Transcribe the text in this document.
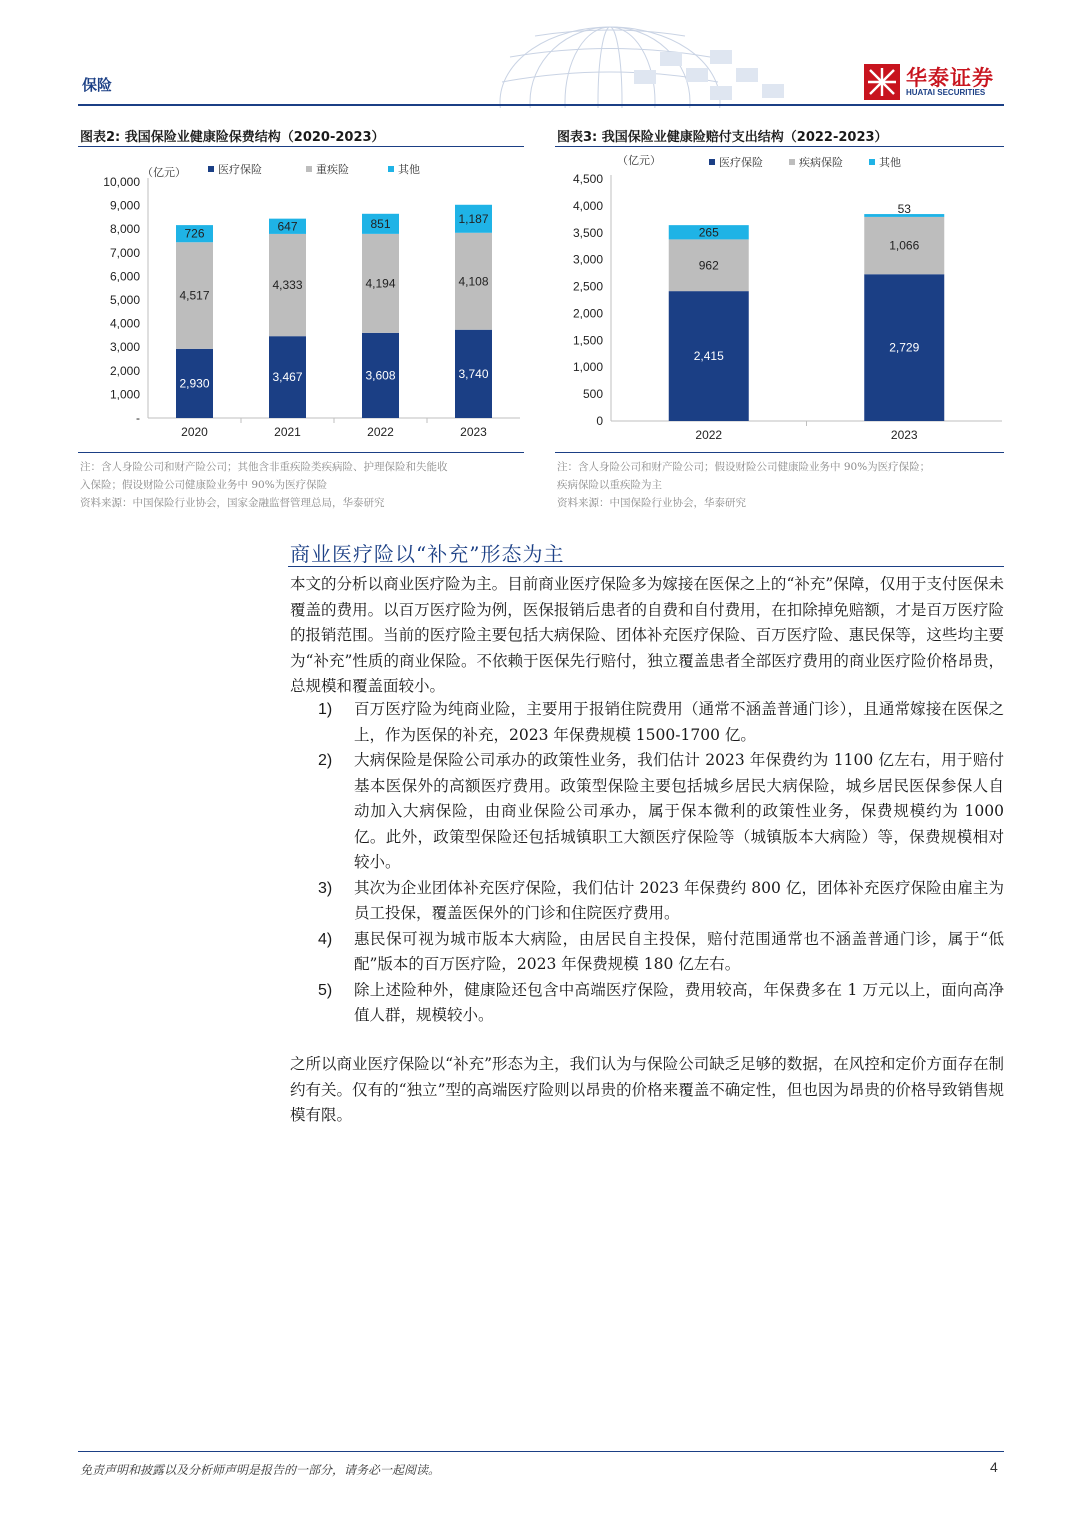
保险	华泰证券
HUATAI SECURITIES
图表2: 我国保险业健康险保费结构（2020-2023）
（亿元）	医疗保险	重疾险	其他
-
1,000
2,000
3,000
4,000
5,000
6,000
7,000
8,000
9,000
10,000
2,930
4,517
726
2020
3,467
4,333
647
2021
3,608
4,194
851
2022
3,740
4,108
1,187
2023
注：含人身险公司和财产险公司；其他含非重疾险类疾病险、护理保险和失能收
入保险；假设财险公司健康险业务中 90%为医疗保险
资料来源：中国保险行业协会，国家金融监督管理总局，华泰研究
图表3: 我国保险业健康险赔付支出结构（2022-2023）
（亿元）	医疗保险	疾病保险	其他
0
500
1,000
1,500
2,000
2,500
3,000
3,500
4,000
4,500
2,415
962
265
2022
2,729
1,066
53
2023
注：含人身险公司和财产险公司；假设财险公司健康险业务中 90%为医疗保险；
疾病保险以重疾险为主
资料来源：中国保险行业协会，华泰研究
商业医疗险以“补充”形态为主
本文的分析以商业医疗险为主。目前商业医疗保险多为嫁接在医保之上的“补充”保障，仅用于支付医保未覆盖的费用。以百万医疗险为例，医保报销后患者的自费和自付费用，在扣除掉免赔额，才是百万医疗险的报销范围。当前的医疗险主要包括大病保险、团体补充医疗保险、百万医疗险、惠民保等，这些均主要为“补充”性质的商业保险。不依赖于医保先行赔付，独立覆盖患者全部医疗费用的商业医疗险价格昂贵，总规模和覆盖面较小。
1)	百万医疗险为纯商业险，主要用于报销住院费用（通常不涵盖普通门诊），且通常嫁接在医保之上，作为医保的补充，2023 年保费规模 1500-1700 亿。
2)	大病保险是保险公司承办的政策性业务，我们估计 2023 年保费约为 1100 亿左右，用于赔付基本医保外的高额医疗费用。政策型保险主要包括城乡居民大病保险，城乡居民医保参保人自动加入大病保险，由商业保险公司承办，属于保本微利的政策性业务，保费规模约为 1000 亿。此外，政策型保险还包括城镇职工大额医疗保险等（城镇版本大病险）等，保费规模相对较小。
3)	其次为企业团体补充医疗保险，我们估计 2023 年保费约 800 亿，团体补充医疗保险由雇主为员工投保，覆盖医保外的门诊和住院医疗费用。
4)	惠民保可视为城市版本大病险，由居民自主投保，赔付范围通常也不涵盖普通门诊，属于“低配”版本的百万医疗险，2023 年保费规模 180 亿左右。
5)	除上述险种外，健康险还包含中高端医疗保险，费用较高，年保费多在 1 万元以上，面向高净值人群，规模较小。
之所以商业医疗保险以“补充”形态为主，我们认为与保险公司缺乏足够的数据，在风控和定价方面存在制约有关。仅有的“独立”型的高端医疗险则以昂贵的价格来覆盖不确定性，但也因为昂贵的价格导致销售规模有限。
免责声明和披露以及分析师声明是报告的一部分，请务必一起阅读。	4
